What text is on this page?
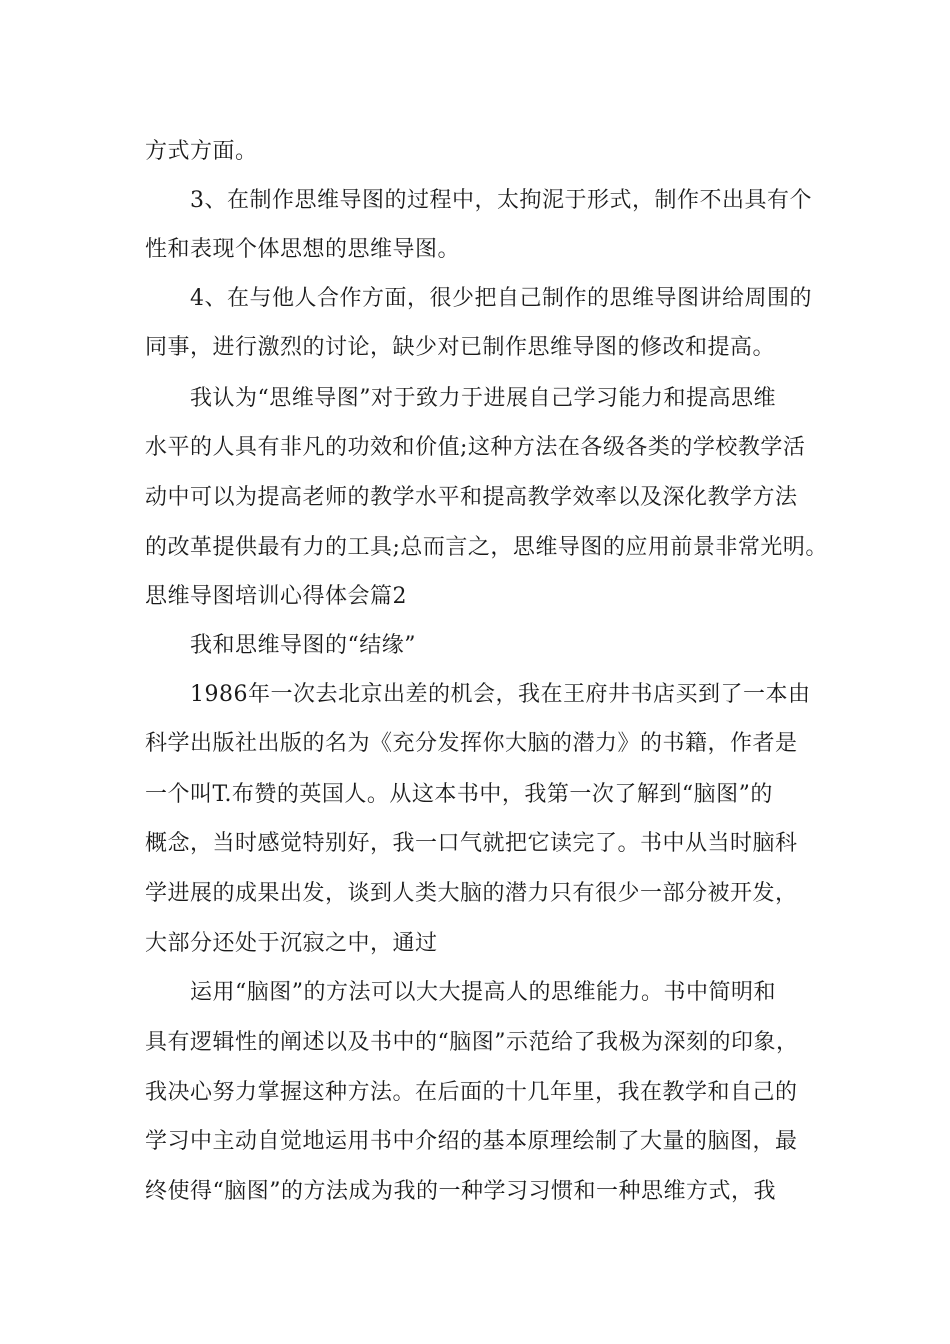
方式方面。
3、在制作思维导图的过程中，太拘泥于形式，制作不出具有个
性和表现个体思想的思维导图。
4、在与他人合作方面，很少把自己制作的思维导图讲给周围的
同事，进行激烈的讨论，缺少对已制作思维导图的修改和提高。
我认为“思维导图”对于致力于进展自己学习能力和提高思维
水平的人具有非凡的功效和价值;这种方法在各级各类的学校教学活
动中可以为提高老师的教学水平和提高教学效率以及深化教学方法
的改革提供最有力的工具;总而言之，思维导图的应用前景非常光明。
思维导图培训心得体会篇2
我和思维导图的“结缘”
1986年一次去北京出差的机会，我在王府井书店买到了一本由
科学出版社出版的名为《充分发挥你大脑的潜力》的书籍，作者是
一个叫T.布赞的英国人。从这本书中，我第一次了解到“脑图”的
概念，当时感觉特别好，我一口气就把它读完了。书中从当时脑科
学进展的成果出发，谈到人类大脑的潜力只有很少一部分被开发，
大部分还处于沉寂之中，通过
运用“脑图”的方法可以大大提高人的思维能力。书中简明和
具有逻辑性的阐述以及书中的“脑图”示范给了我极为深刻的印象，
我决心努力掌握这种方法。在后面的十几年里，我在教学和自己的
学习中主动自觉地运用书中介绍的基本原理绘制了大量的脑图，最
终使得“脑图”的方法成为我的一种学习习惯和一种思维方式，我
